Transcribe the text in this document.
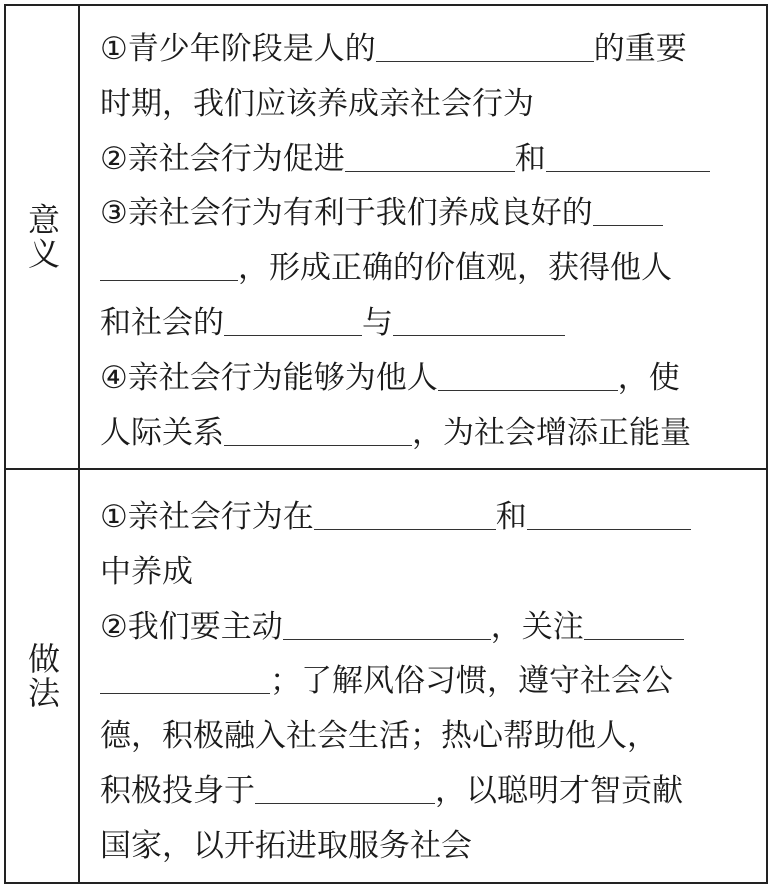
意义
①青少年阶段是人的	的重要
时期，我们应该养成亲社会行为
②亲社会行为促进	和
③亲社会行为有利于我们养成良好的
，形成正确的价值观，获得他人
和社会的	与
④亲社会行为能够为他人	，使
人际关系	，为社会增添正能量
做法
①亲社会行为在	和
中养成
②我们要主动	，关注
；了解风俗习惯，遵守社会公
德，积极融入社会生活；热心帮助他人，
积极投身于	，以聪明才智贡献
国家，以开拓进取服务社会
